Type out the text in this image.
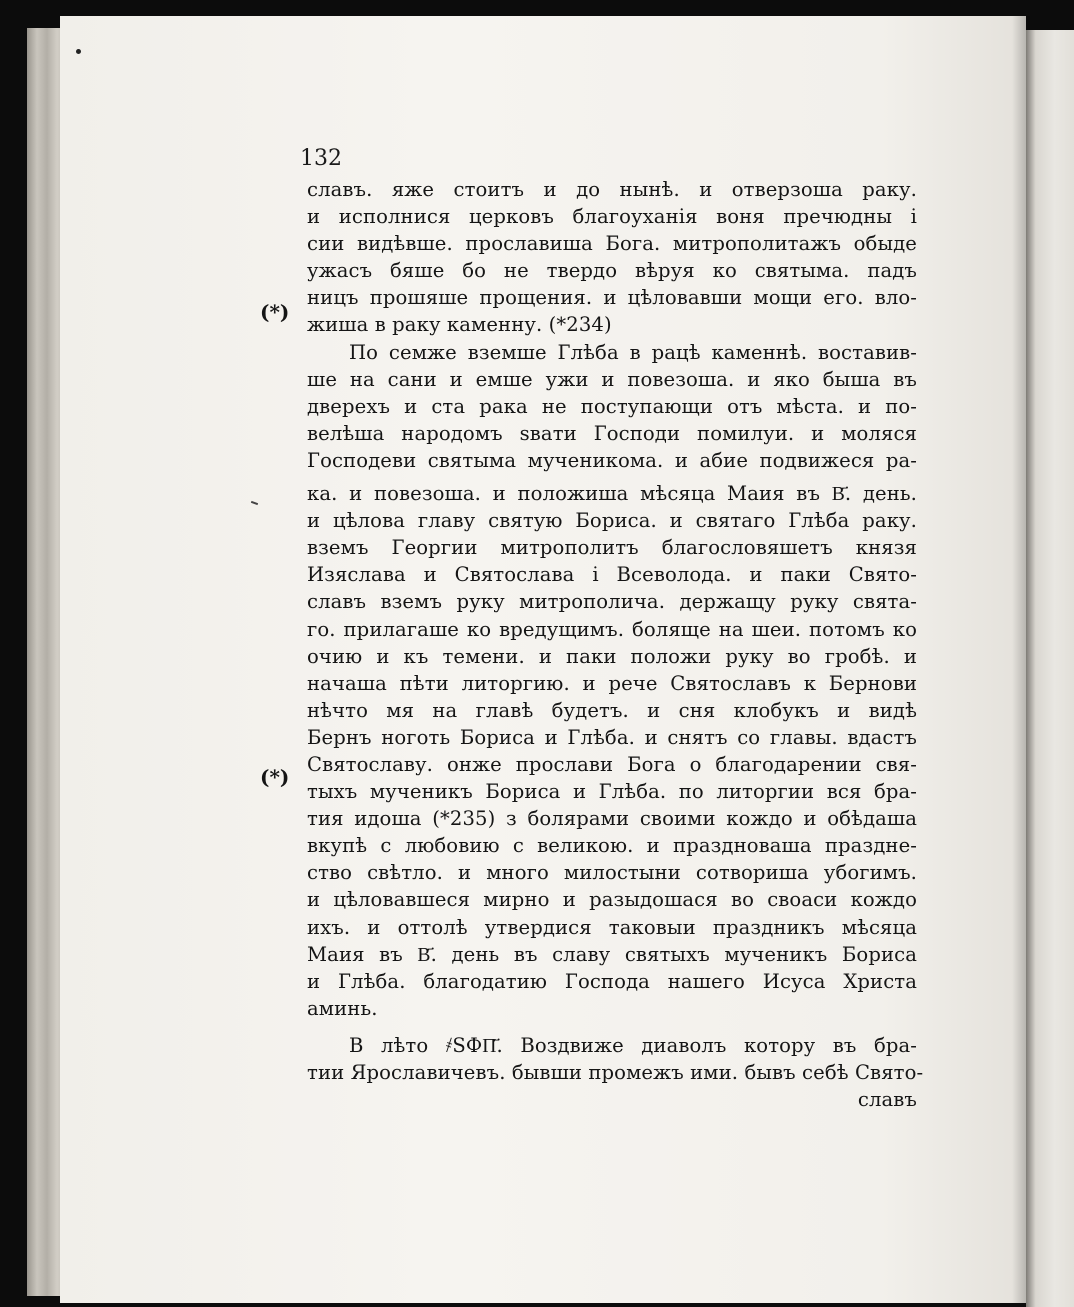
132
(*)
(*)
славъ. яже стоитъ и до нынѣ. и отверзоша раку.
и исполнися церковъ благоуханія воня пречюдны і
сии видѣвше. прославиша Бога. митрополитажъ обыде
ужасъ бяше бо не твердо вѣруя ко святыма. падъ
ницъ прошяше прощения. и цѣловавши мощи его. вло-
жиша в раку каменну. (*234)
По семже вземше Глѣба в рацѣ каменнѣ. воставив-
ше на сани и емше ужи и повезоша. и яко быша въ
дверехъ и ста рака не поступающи отъ мѣста. и по-
велѣша народомъ ѕвати Господи помилуи. и моляся
Господеви святыма мученикома. и абие подвижеся ра-
ка. и повезоша. и положиша мѣсяца Маия въ В҃. день.
и цѣлова главу святую Бориса. и святаго Глѣба раку.
вземъ Георгии митрополитъ благословяшетъ князя
Изяслава и Святослава і Всеволода. и паки Свято-
славъ вземъ руку митрополича. держащу руку свята-
го. прилагаше ко вредущимъ. боляще на шеи. потомъ ко
очию и къ темени. и паки положи руку во гробѣ. и
начаша пѣти литоргию. и рече Святославъ к Бернови
нѣчто мя на главѣ будетъ. и сня клобукъ и видѣ
Бернъ ноготь Бориса и Глѣба. и снятъ со главы. вдастъ
Святославу. онже прослави Бога о благодарении свя-
тыхъ мученикъ Бориса и Глѣба. по литоргии вся бра-
тия идоша (*235) з болярами своими кождо и обѣдаша
вкупѣ с любовию с великою. и праздноваша праздне-
ство свѣтло. и много милостыни сотвориша убогимъ.
и цѣловавшеся мирно и разыдошася во своаси кождо
ихъ. и оттолѣ утвердися таковыи праздникъ мѣсяца
Маия въ В҃. день въ славу святыхъ мученикъ Бориса
и Глѣба. благодатию Господа нашего Исуса Христа
аминь.
В лѣто ҂ЅФП҃. Воздвиже диаволъ котору въ бра-
тии Ярославичевъ. бывши промежъ ими. бывъ себѣ Свято-
славъ
